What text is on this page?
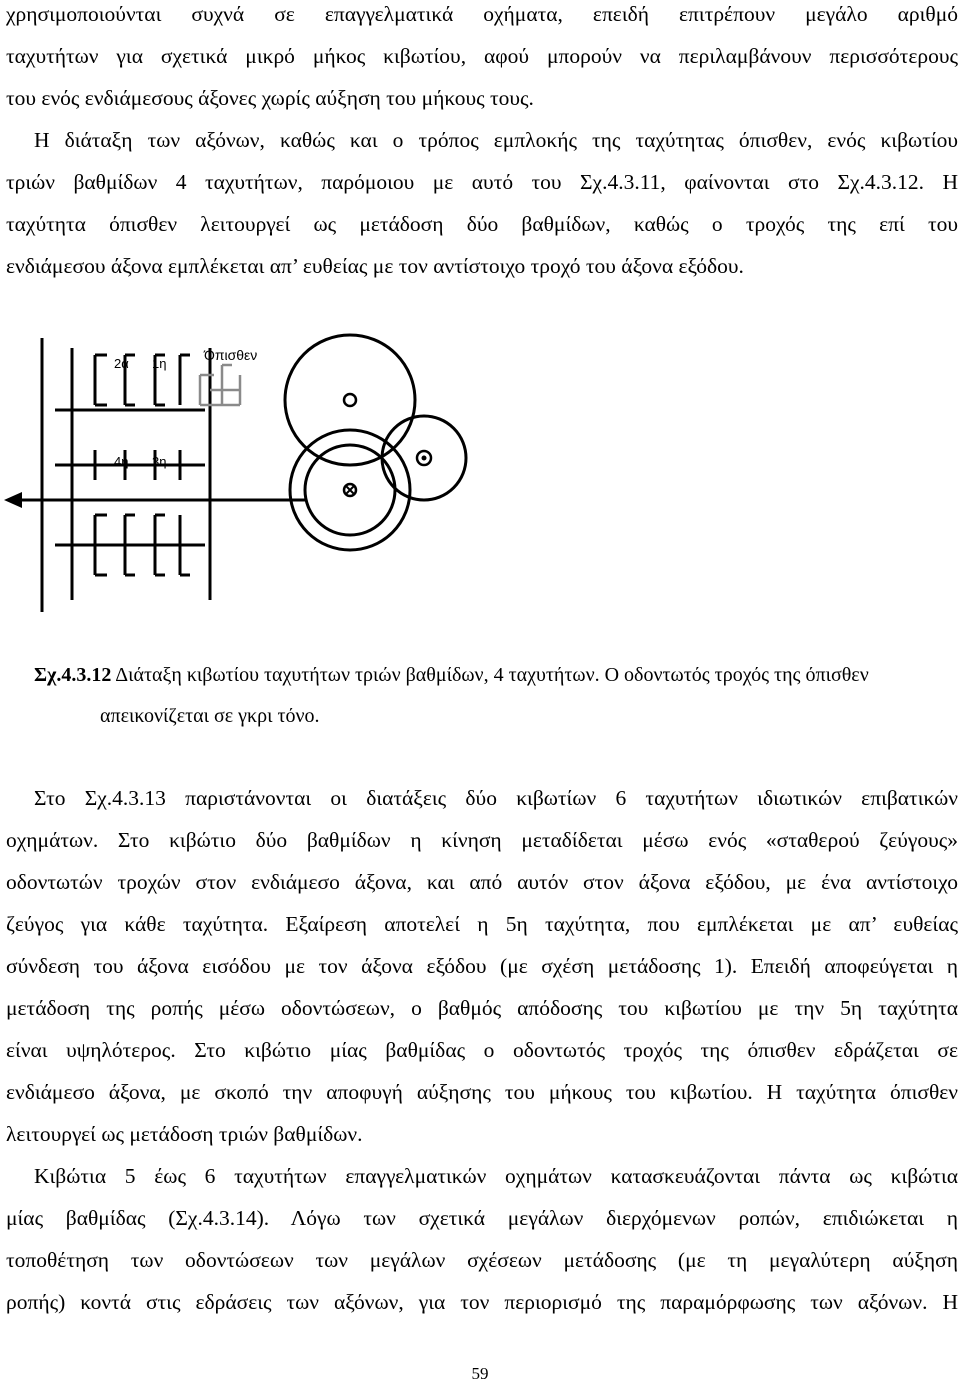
χρησιμοποιούνται συχνά σε επαγγελματικά οχήματα, επειδή επιτρέπουν μεγάλο αριθμό
ταχυτήτων για σχετικά μικρό μήκος κιβωτίου, αφού μπορούν να περιλαμβάνουν περισσότερους
του ενός ενδιάμεσους άξονες χωρίς αύξηση του μήκους τους.
Η διάταξη των αξόνων, καθώς και ο τρόπος εμπλοκής της ταχύτητας όπισθεν, ενός κιβωτίου
τριών βαθμίδων 4 ταχυτήτων, παρόμοιου με αυτό του Σχ.4.3.11, φαίνονται στο Σχ.4.3.12. Η
ταχύτητα όπισθεν λειτουργεί ως μετάδοση δύο βαθμίδων, καθώς ο τροχός της επί του
ενδιάμεσου άξονα εμπλέκεται απ’ ευθείας με τον αντίστοιχο τροχό του άξονα εξόδου.
2α 1η
Όπισθεν
4η 3η
Σχ.4.3.12 Διάταξη κιβωτίου ταχυτήτων τριών βαθμίδων, 4 ταχυτήτων. Ο οδοντωτός τροχός της όπισθεν
απεικονίζεται σε γκρι τόνο.
Στο Σχ.4.3.13 παριστάνονται οι διατάξεις δύο κιβωτίων 6 ταχυτήτων ιδιωτικών επιβατικών
οχημάτων. Στο κιβώτιο δύο βαθμίδων η κίνηση μεταδίδεται μέσω ενός «σταθερού ζεύγους»
οδοντωτών τροχών στον ενδιάμεσο άξονα, και από αυτόν στον άξονα εξόδου, με ένα αντίστοιχο
ζεύγος για κάθε ταχύτητα. Εξαίρεση αποτελεί η 5η ταχύτητα, που εμπλέκεται με απ’ ευθείας
σύνδεση του άξονα εισόδου με τον άξονα εξόδου (με σχέση μετάδοσης 1). Επειδή αποφεύγεται η
μετάδοση της ροπής μέσω οδοντώσεων, ο βαθμός απόδοσης του κιβωτίου με την 5η ταχύτητα
είναι υψηλότερος. Στο κιβώτιο μίας βαθμίδας ο οδοντωτός τροχός της όπισθεν εδράζεται σε
ενδιάμεσο άξονα, με σκοπό την αποφυγή αύξησης του μήκους του κιβωτίου. Η ταχύτητα όπισθεν
λειτουργεί ως μετάδοση τριών βαθμίδων.
Κιβώτια 5 έως 6 ταχυτήτων επαγγελματικών οχημάτων κατασκευάζονται πάντα ως κιβώτια
μίας βαθμίδας (Σχ.4.3.14). Λόγω των σχετικά μεγάλων διερχόμενων ροπών, επιδιώκεται η
τοποθέτηση των οδοντώσεων των μεγάλων σχέσεων μετάδοσης (με τη μεγαλύτερη αύξηση
ροπής) κοντά στις εδράσεις των αξόνων, για τον περιορισμό της παραμόρφωσης των αξόνων. Η
59
